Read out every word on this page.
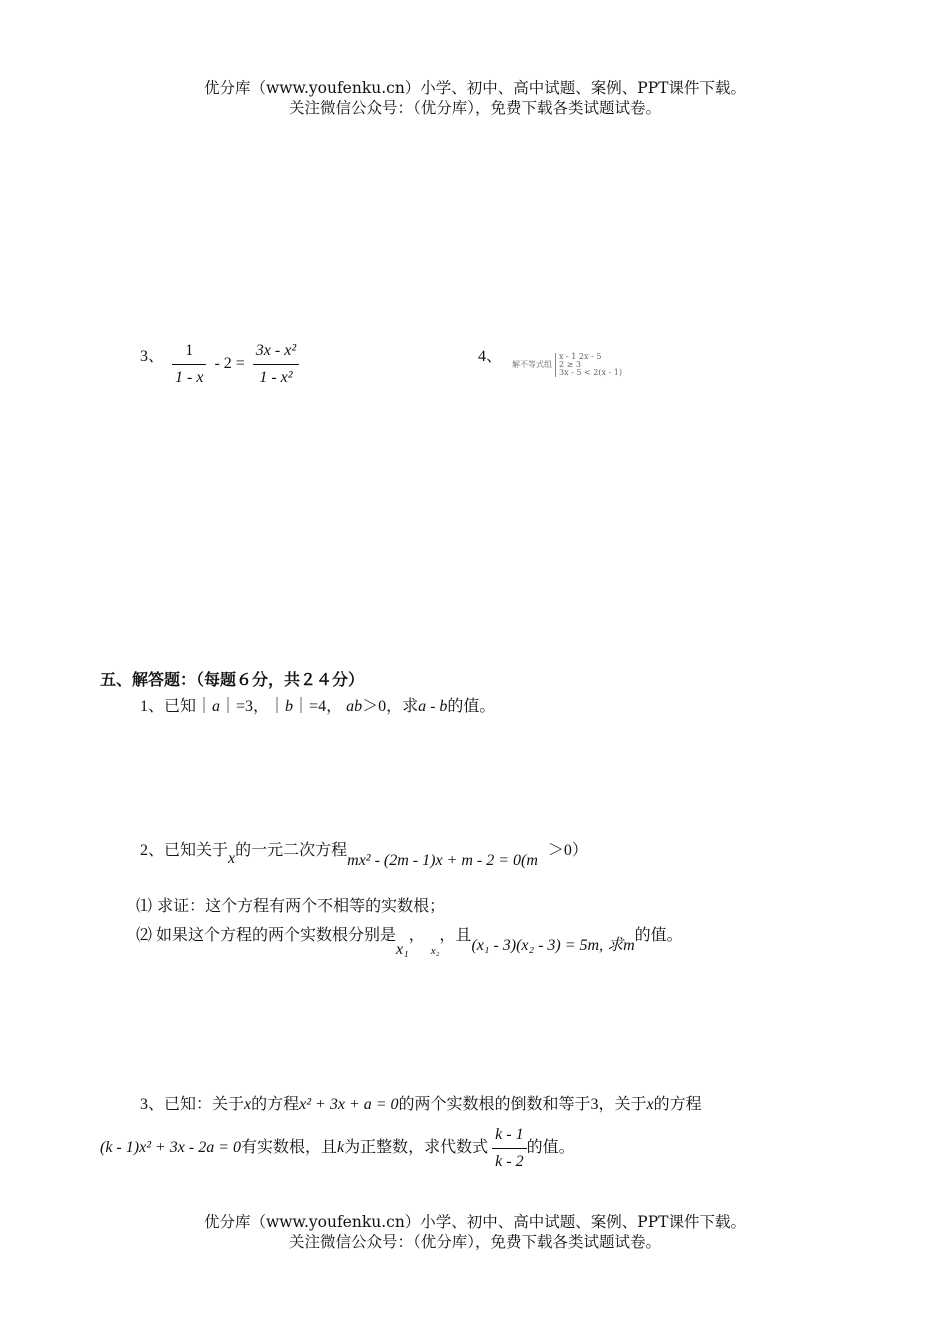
优分库（www.youfenku.cn）小学、初中、高中试题、案例、PPT课件下载。
关注微信公众号：（优分库），免费下载各类试题试卷。
3、 $\frac{1}{1 - x} - 2 = \frac{\text{3x - x²}}{\text{1 - x²}}$	4、 解不等式组
x - 1 2x - 5
2 ≥ 3
3x - 5 < 2(x - 1)
五、解答题：（每题６分，共２４分）
1、已知｜a｜=3，｜b｜=4， ab＞0，求a - b的值。
2、已知关于x的一元二次方程mx² - (2m - 1)x + m - 2 = 0(m＞0）
⑴ 求证：这个方程有两个不相等的实数根；
⑵ 如果这个方程的两个实数根分别是x₁，$_{x_2}$，且(x₁ - 3)(x₂ - 3) = 5m, 求m的值。
3、已知：关于x的方程x² + 3x + a = 0的两个实数根的倒数和等于3，关于x的方程
(k - 1)x² + 3x - 2a = 0有实数根，且k为正整数，求代数式 $\frac{k - 1}{k - 2}$ 的值。
优分库（www.youfenku.cn）小学、初中、高中试题、案例、PPT课件下载。
关注微信公众号：（优分库），免费下载各类试题试卷。
